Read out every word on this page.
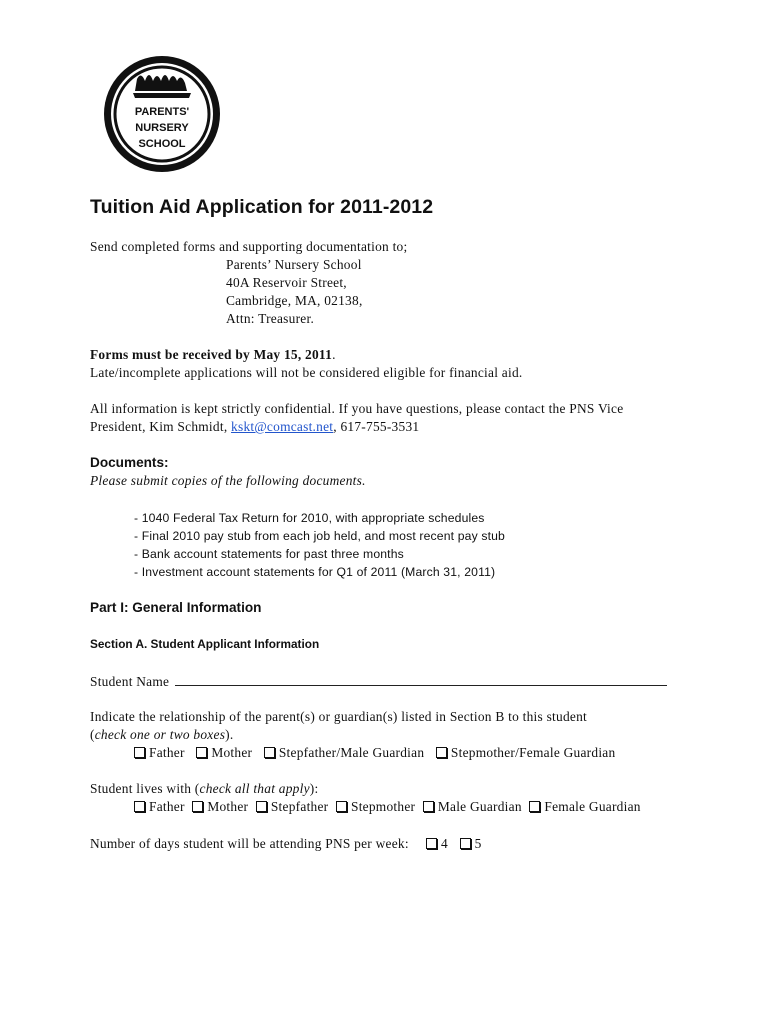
PARENTS'
NURSERY
SCHOOL
Tuition Aid Application for 2011-2012
Send completed forms and supporting documentation to;
Parents’ Nursery School
40A Reservoir Street,
Cambridge, MA, 02138,
Attn: Treasurer.
Forms must be received by May 15, 2011.
Late/incomplete applications will not be considered eligible for financial aid.
All information is kept strictly confidential. If you have questions, please contact the PNS Vice
President, Kim Schmidt, kskt@comcast.net, 617-755-3531
Documents:
Please submit copies of the following documents.
- 1040 Federal Tax Return for 2010, with appropriate schedules
- Final 2010 pay stub from each job held, and most recent pay stub
- Bank account statements for past three months
- Investment account statements for Q1 of 2011 (March 31, 2011)
Part I: General Information
Section A. Student Applicant Information
Student Name
Indicate the relationship of the parent(s) or guardian(s) listed in Section B to this student
(check one or two boxes).
Father Mother Stepfather/Male Guardian Stepmother/Female Guardian
Student lives with (check all that apply):
Father Mother Stepfather Stepmother Male Guardian Female Guardian
Number of days student will be attending PNS per week: 4 5
